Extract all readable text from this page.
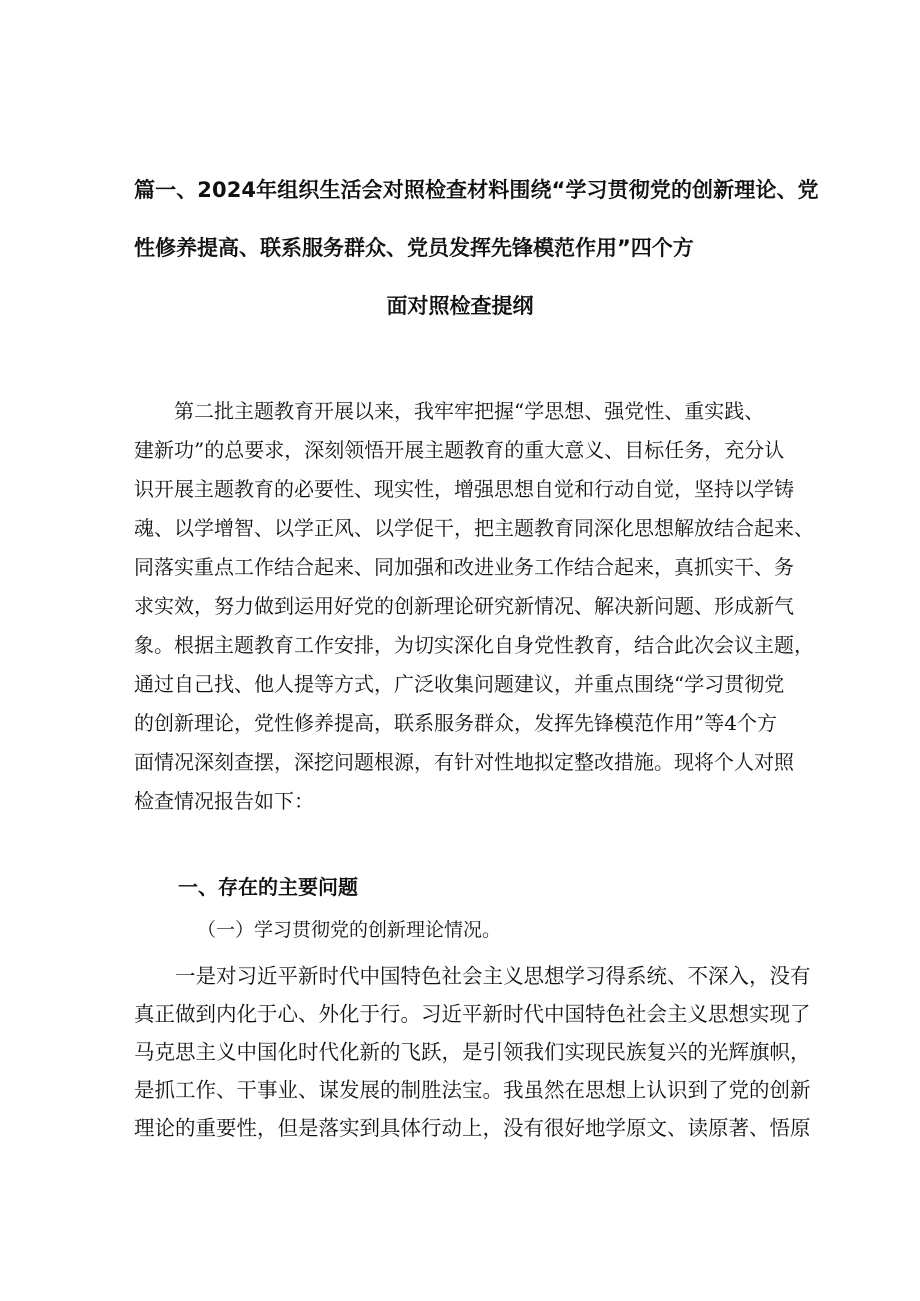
篇一、2024年组织生活会对照检查材料围绕“学习贯彻党的创新理论、党
性修养提高、联系服务群众、党员发挥先锋模范作用”四个方
面对照检查提纲
　　第二批主题教育开展以来，我牢牢把握“学思想、强党性、重实践、
建新功”的总要求，深刻领悟开展主题教育的重大意义、目标任务，充分认
识开展主题教育的必要性、现实性，增强思想自觉和行动自觉，坚持以学铸
魂、以学增智、以学正风、以学促干，把主题教育同深化思想解放结合起来、
同落实重点工作结合起来、同加强和改进业务工作结合起来，真抓实干、务
求实效，努力做到运用好党的创新理论研究新情况、解决新问题、形成新气
象。根据主题教育工作安排，为切实深化自身党性教育，结合此次会议主题，
通过自己找、他人提等方式，广泛收集问题建议，并重点围绕“学习贯彻党
的创新理论，党性修养提高，联系服务群众，发挥先锋模范作用”等4个方
面情况深刻查摆，深挖问题根源，有针对性地拟定整改措施。现将个人对照
检查情况报告如下：
一、存在的主要问题
（一）学习贯彻党的创新理论情况。
　　一是对习近平新时代中国特色社会主义思想学习得系统、不深入，没有
真正做到内化于心、外化于行。习近平新时代中国特色社会主义思想实现了
马克思主义中国化时代化新的飞跃，是引领我们实现民族复兴的光辉旗帜，
是抓工作、干事业、谋发展的制胜法宝。我虽然在思想上认识到了党的创新
理论的重要性，但是落实到具体行动上，没有很好地学原文、读原著、悟原
